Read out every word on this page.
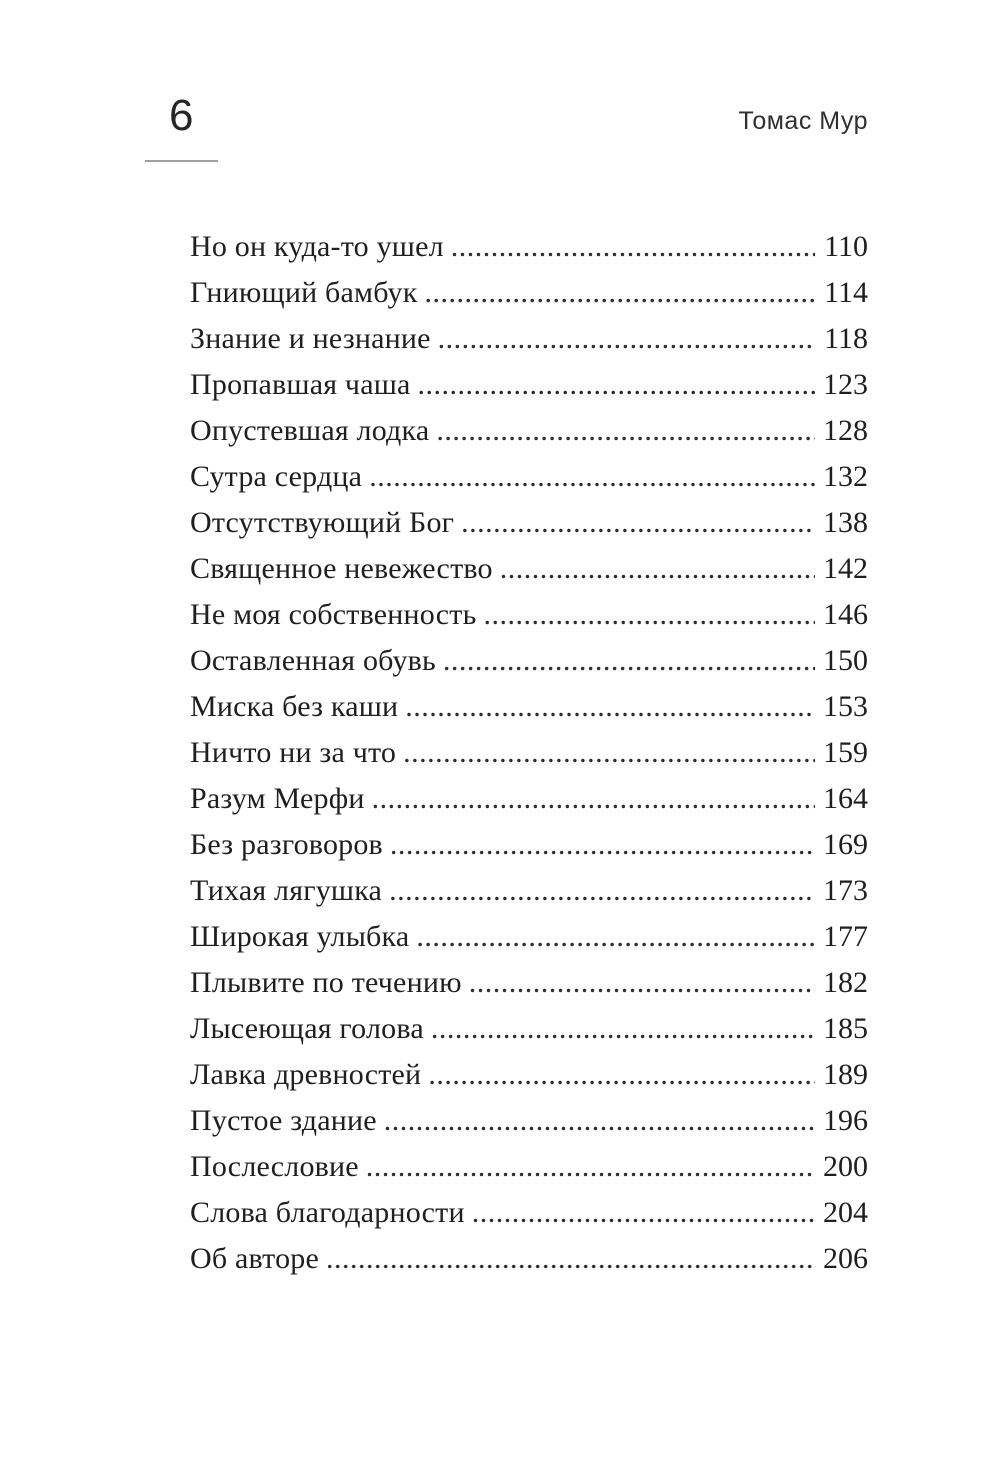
6	Томас Мур
Но он куда-то ушел .....	110
Гниющий бамбук .....	114
Знание и незнание .....	118
Пропавшая чаша .....	123
Опустевшая лодка .....	128
Сутра сердца .....	132
Отсутствующий Бог .....	138
Священное невежество .....	142
Не моя собственность .....	146
Оставленная обувь .....	150
Миска без каши .....	153
Ничто ни за что .....	159
Разум Мерфи .....	164
Без разговоров .....	169
Тихая лягушка .....	173
Широкая улыбка .....	177
Плывите по течению .....	182
Лысеющая голова .....	185
Лавка древностей .....	189
Пустое здание .....	196
Послесловие .....	200
Слова благодарности .....	204
Об авторе .....	206
